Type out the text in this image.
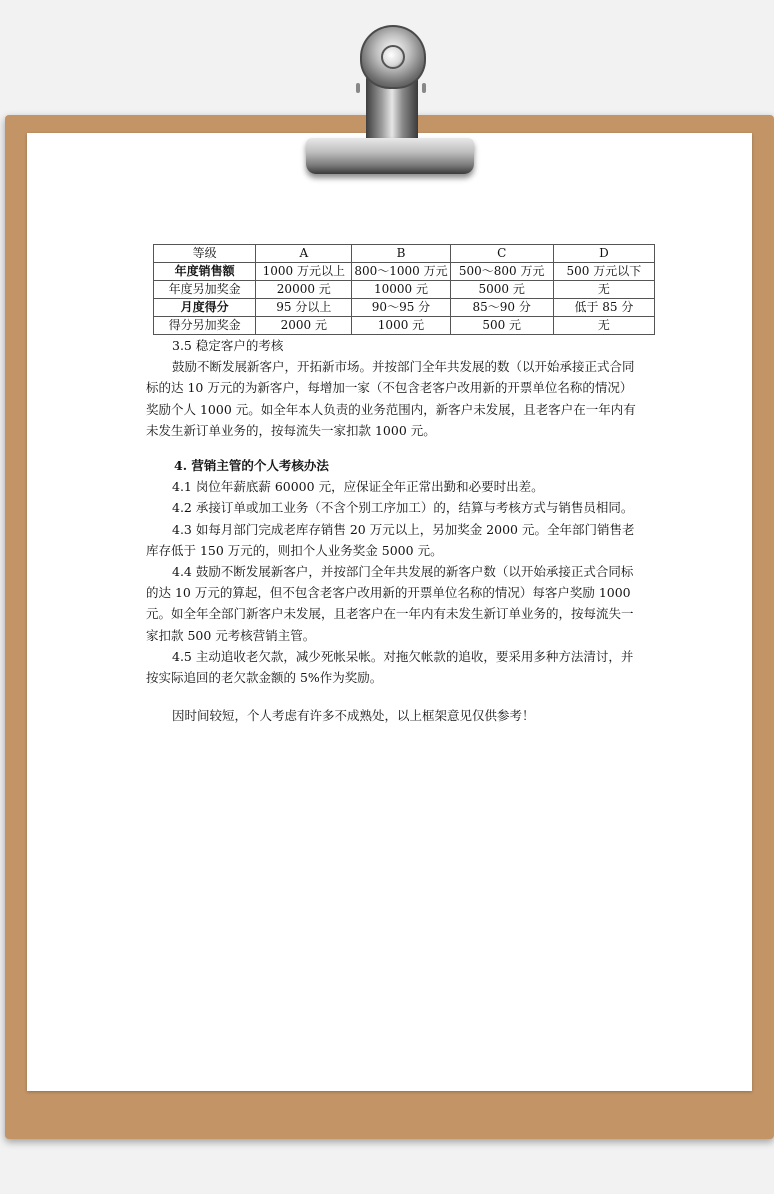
等级	A	B	C	D
年度销售额	1000 万元以上	800～1000 万元	500～800 万元	500 万元以下
年度另加奖金	20000 元	10000 元	5000 元	无
月度得分	95 分以上	90～95 分	85～90 分	低于 85 分
得分另加奖金	2000 元	1000 元	500 元	无

3.5 稳定客户的考核

鼓励不断发展新客户，开拓新市场。并按部门全年共发展的数（以开始承接正式合同标的达 10 万元的为新客户，每增加一家（不包含老客户改用新的开票单位名称的情况）奖励个人 1000 元。如全年本人负责的业务范围内，新客户未发展，且老客户在一年内有未发生新订单业务的，按每流失一家扣款 1000 元。

4. 营销主管的个人考核办法

4.1 岗位年薪底薪 60000 元，应保证全年正常出勤和必要时出差。

4.2 承接订单或加工业务（不含个别工序加工）的，结算与考核方式与销售员相同。

4.3 如每月部门完成老库存销售 20 万元以上，另加奖金 2000 元。全年部门销售老库存低于 150 万元的，则扣个人业务奖金 5000 元。

4.4 鼓励不断发展新客户，并按部门全年共发展的新客户数（以开始承接正式合同标的达 10 万元的算起，但不包含老客户改用新的开票单位名称的情况）每客户奖励 1000 元。如全年全部门新客户未发展，且老客户在一年内有未发生新订单业务的，按每流失一家扣款 500 元考核营销主管。

4.5 主动追收老欠款，减少死帐呆帐。对拖欠帐款的追收，要采用多种方法清讨，并按实际追回的老欠款金额的 5%作为奖励。

因时间较短，个人考虑有许多不成熟处，以上框架意见仅供参考！
